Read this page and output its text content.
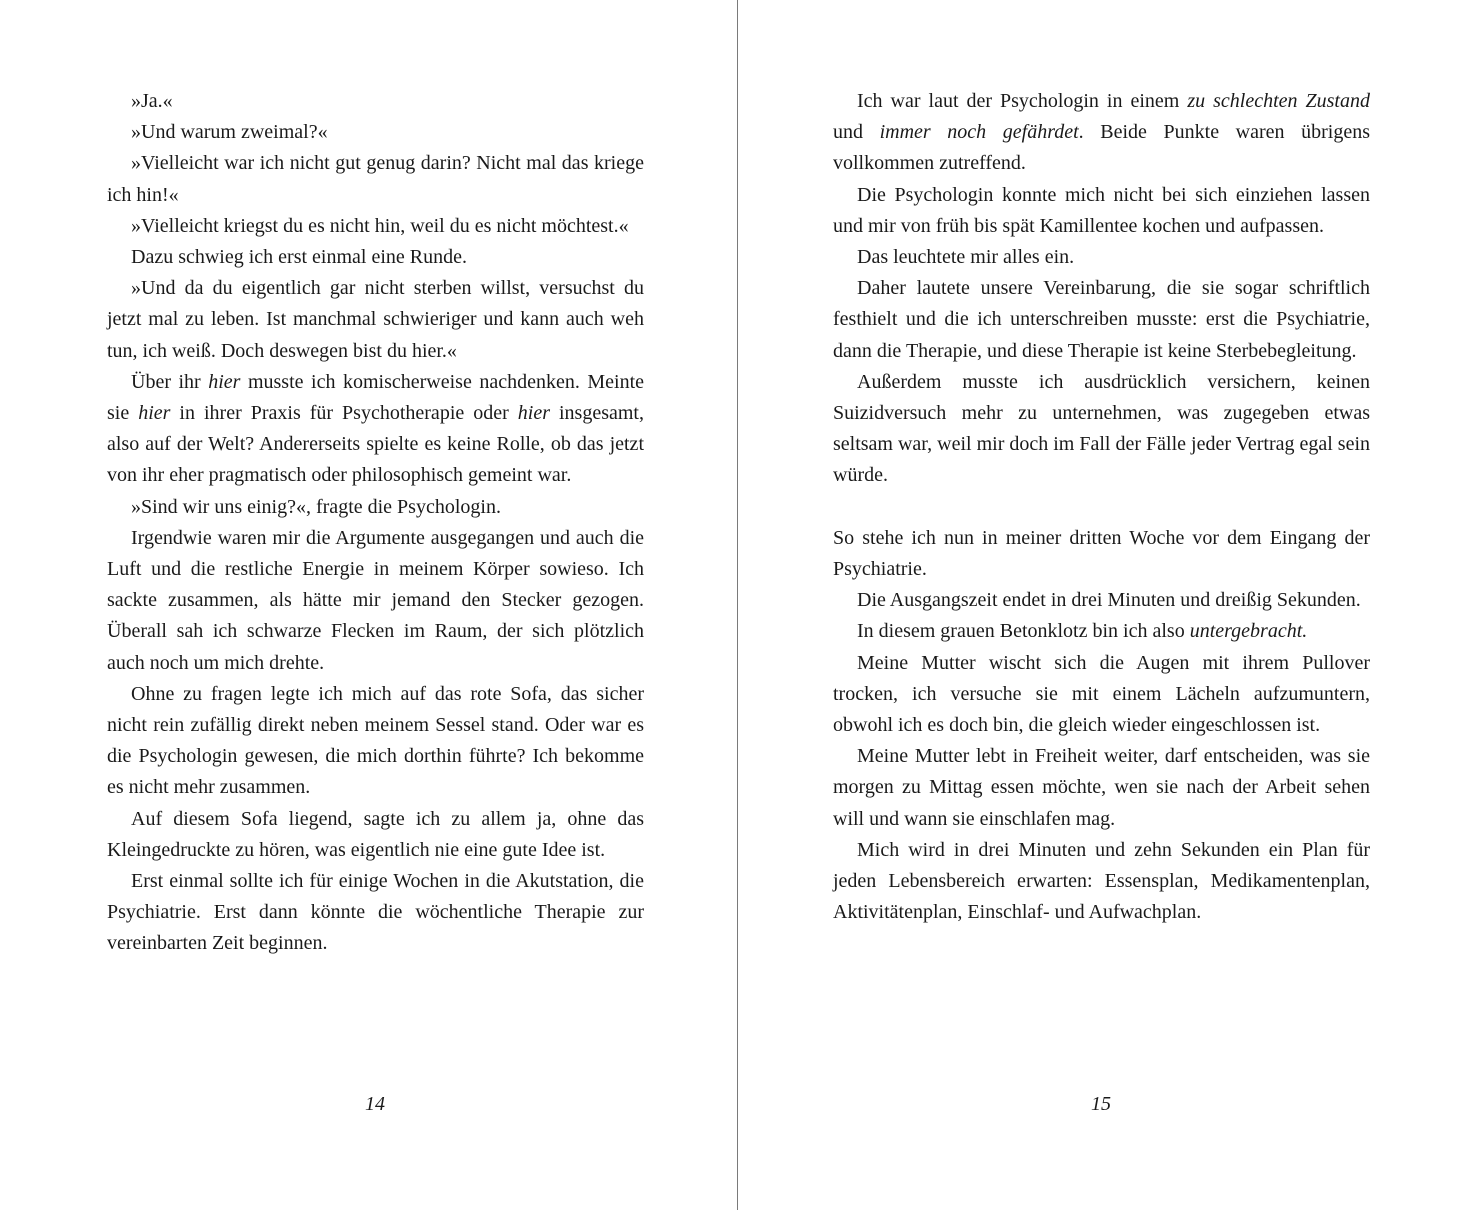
»Ja.«

»Und warum zweimal?«

»Vielleicht war ich nicht gut genug darin? Nicht mal das kriege ich hin!«

»Vielleicht kriegst du es nicht hin, weil du es nicht möchtest.«

Dazu schwieg ich erst einmal eine Runde.

»Und da du eigentlich gar nicht sterben willst, versuchst du jetzt mal zu leben. Ist manchmal schwieriger und kann auch weh tun, ich weiß. Doch deswegen bist du hier.«

Über ihr hier musste ich komischerweise nachdenken. Meinte sie hier in ihrer Praxis für Psychotherapie oder hier insgesamt, also auf der Welt? Andererseits spielte es keine Rolle, ob das jetzt von ihr eher pragmatisch oder philosophisch gemeint war.

»Sind wir uns einig?«, fragte die Psychologin.

Irgendwie waren mir die Argumente ausgegangen und auch die Luft und die restliche Energie in meinem Körper sowieso. Ich sackte zusammen, als hätte mir jemand den Stecker gezogen. Überall sah ich schwarze Flecken im Raum, der sich plötzlich auch noch um mich drehte.

Ohne zu fragen legte ich mich auf das rote Sofa, das sicher nicht rein zufällig direkt neben meinem Sessel stand. Oder war es die Psychologin gewesen, die mich dorthin führte? Ich bekomme es nicht mehr zusammen.

Auf diesem Sofa liegend, sagte ich zu allem ja, ohne das Kleingedruckte zu hören, was eigentlich nie eine gute Idee ist.

Erst einmal sollte ich für einige Wochen in die Akutstation, die Psychiatrie. Erst dann könnte die wöchentliche Therapie zur vereinbarten Zeit beginnen.

Ich war laut der Psychologin in einem zu schlechten Zustand und immer noch gefährdet. Beide Punkte waren übrigens vollkommen zutreffend.

Die Psychologin konnte mich nicht bei sich einziehen lassen und mir von früh bis spät Kamillentee kochen und aufpassen.

Das leuchtete mir alles ein.

Daher lautete unsere Vereinbarung, die sie sogar schriftlich festhielt und die ich unterschreiben musste: erst die Psychiatrie, dann die Therapie, und diese Therapie ist keine Sterbebegleitung.

Außerdem musste ich ausdrücklich versichern, keinen Suizidversuch mehr zu unternehmen, was zugegeben etwas seltsam war, weil mir doch im Fall der Fälle jeder Vertrag egal sein würde.

So stehe ich nun in meiner dritten Woche vor dem Eingang der Psychiatrie.

Die Ausgangszeit endet in drei Minuten und dreißig Sekunden.

In diesem grauen Betonklotz bin ich also untergebracht.

Meine Mutter wischt sich die Augen mit ihrem Pullover trocken, ich versuche sie mit einem Lächeln aufzumuntern, obwohl ich es doch bin, die gleich wieder eingeschlossen ist.

Meine Mutter lebt in Freiheit weiter, darf entscheiden, was sie morgen zu Mittag essen möchte, wen sie nach der Arbeit sehen will und wann sie einschlafen mag.

Mich wird in drei Minuten und zehn Sekunden ein Plan für jeden Lebensbereich erwarten: Essensplan, Medikamentenplan, Aktivitätenplan, Einschlaf- und Aufwachplan.

14	15
